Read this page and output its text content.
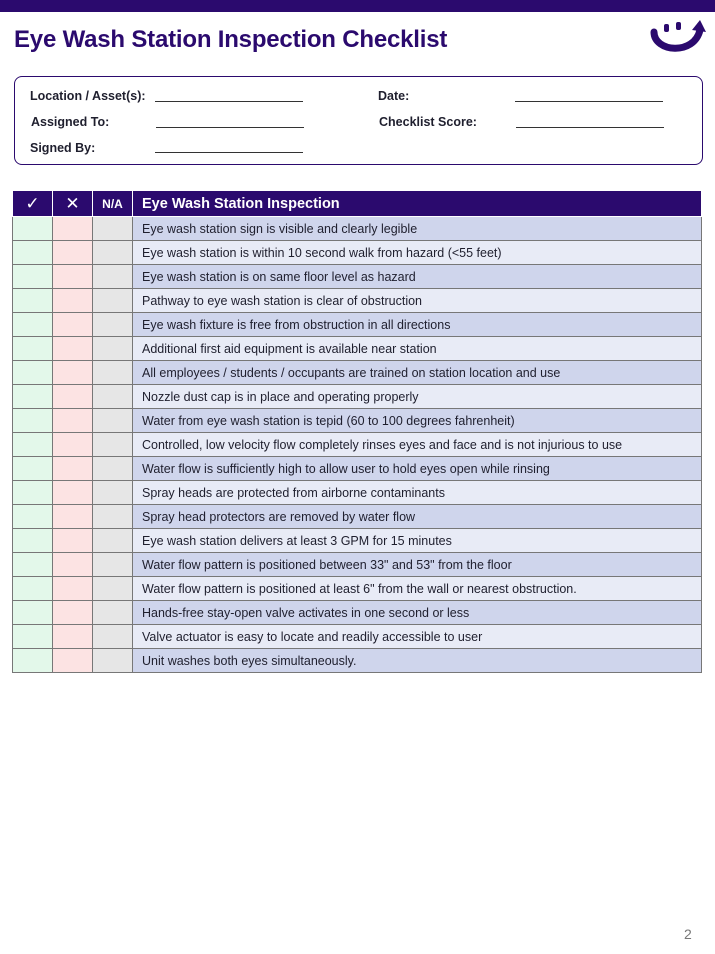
Eye Wash Station Inspection Checklist
Location / Asset(s):
Assigned To:
Signed By:
Date:
Checklist Score:
✓	✕	N/A	Eye Wash Station Inspection
			Eye wash station sign is visible and clearly legible
			Eye wash station is within 10 second walk from hazard (<55 feet)
			Eye wash station is on same floor level as hazard
			Pathway to eye wash station is clear of obstruction
			Eye wash fixture is free from obstruction in all directions
			Additional first aid equipment is available near station
			All employees / students / occupants are trained on station location and use
			Nozzle dust cap is in place and operating properly
			Water from eye wash station is tepid (60 to 100 degrees fahrenheit)
			Controlled, low velocity flow completely rinses eyes and face and is not injurious to use
			Water flow is sufficiently high to allow user to hold eyes open while rinsing
			Spray heads are protected from airborne contaminants
			Spray head protectors are removed by water flow
			Eye wash station delivers at least 3 GPM for 15 minutes
			Water flow pattern is positioned between 33" and 53" from the floor
			Water flow pattern is positioned at least 6" from the wall or nearest obstruction.
			Hands-free stay-open valve activates in one second or less
			Valve actuator is easy to locate and readily accessible to user
			Unit washes both eyes simultaneously.
2
